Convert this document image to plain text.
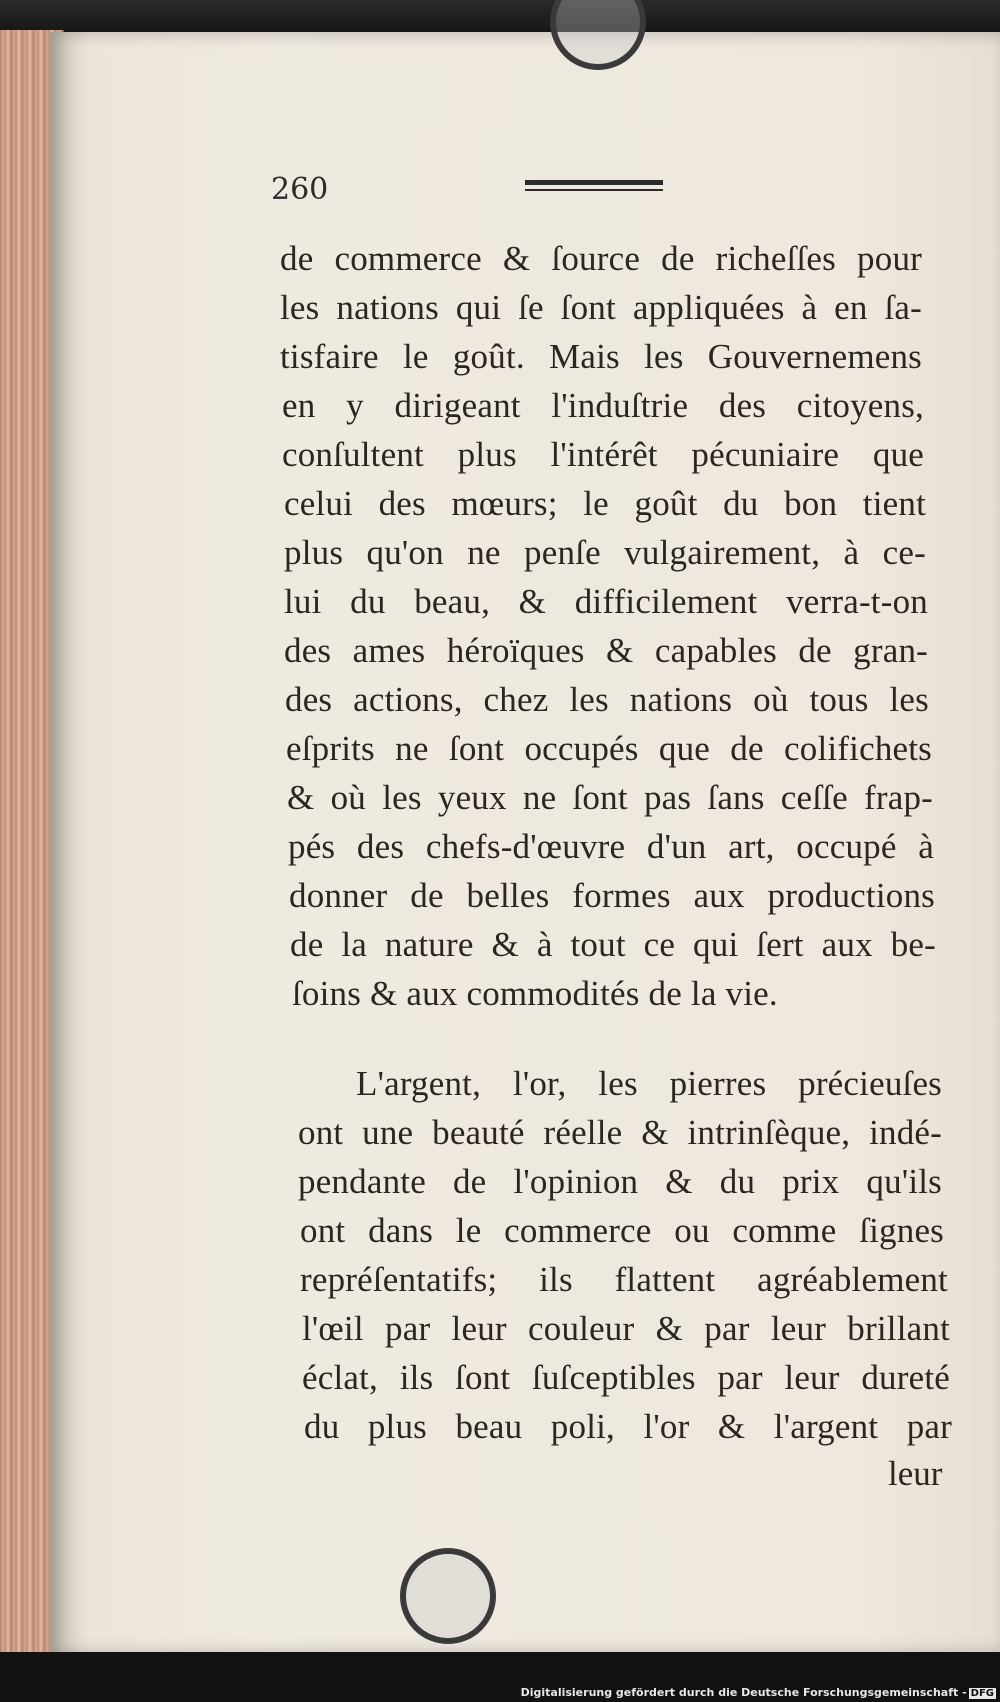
260
de commerce & ſource de richeſſes pour
les nations qui ſe ſont appliquées à en ſa-
tisfaire le goût. Mais les Gouvernemens
en y dirigeant l'induſtrie des citoyens,
conſultent plus l'intérêt pécuniaire que
celui des mœurs; le goût du bon tient
plus qu'on ne penſe vulgairement, à ce-
lui du beau, & difficilement verra-t-on
des ames héroïques & capables de gran-
des actions, chez les nations où tous les
eſprits ne ſont occupés que de colifichets
& où les yeux ne ſont pas ſans ceſſe frap-
pés des chefs-d'œuvre d'un art, occupé à
donner de belles formes aux productions
de la nature & à tout ce qui ſert aux be-
ſoins & aux commodités de la vie.
L'argent, l'or, les pierres précieuſes
ont une beauté réelle & intrinſèque, indé-
pendante de l'opinion & du prix qu'ils
ont dans le commerce ou comme ſignes
repréſentatifs; ils flattent agréablement
l'œil par leur couleur & par leur brillant
éclat, ils ſont ſuſceptibles par leur dureté
du plus beau poli, l'or & l'argent par
leur
Digitalisierung gefördert durch die Deutsche Forschungsgemeinschaft - DFG
